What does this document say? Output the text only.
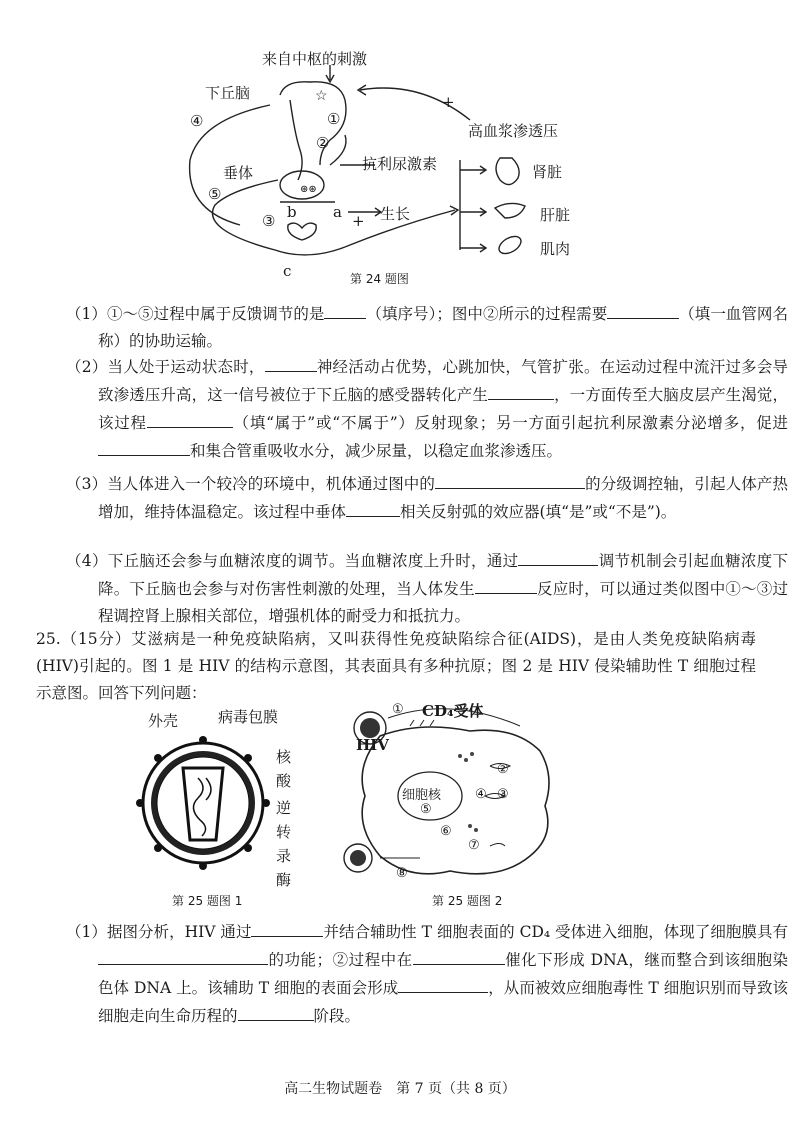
⊛⊛
☆
来自中枢的刺激
下丘脑
垂体
高血浆渗透压
抗利尿激素	肾脏
肝脏
肌肉
生长
①
②
③
④
⑤
a
b
c
+
+
第 24 题图
（1）①～⑤过程中属于反馈调节的是	（填序号）；图中②所示的过程需要	（填一血管网名称）的协助运输。
（2）当人处于运动状态时，	神经活动占优势，心跳加快，气管扩张。在运动过程中流汗过多会导致渗透压升高，这一信号被位于下丘脑的感受器转化产生	，一方面传至大脑皮层产生渴觉，该过程	（填“属于”或“不属于”）反射现象；另一方面引起抗利尿激素分泌增多，促进和集合管重吸收水分，减少尿量，以稳定血浆渗透压。
（3）当人体进入一个较冷的环境中，机体通过图中的	的分级调控轴，引起人体产热增加，维持体温稳定。该过程中垂体	相关反射弧的效应器(填“是”或“不是”)。
（4）下丘脑还会参与血糖浓度的调节。当血糖浓度上升时，通过	调节机制会引起血糖浓度下降。下丘脑也会参与对伤害性刺激的处理，当人体发生	反应时，可以通过类似图中①～③过程调控肾上腺相关部位，增强机体的耐受力和抵抗力。
25.（15分）艾滋病是一种免疫缺陷病，又叫获得性免疫缺陷综合征(AIDS)，是由人类免疫缺陷病毒(HIV)引起的。图 1 是 HIV 的结构示意图，其表面具有多种抗原；图 2 是 HIV 侵染辅助性 T 细胞过程示意图。回答下列问题：
外壳	病毒包膜
核
酸
逆
转
录
酶
第 25 题图 1
CD₄受体
HIV
细胞核
①
②
③
④
⑤
⑥
⑦
⑧
第 25 题图 2
（1）据图分析，HIV 通过	并结合辅助性 T 细胞表面的 CD₄ 受体进入细胞，体现了细胞膜具有的功能；②过程中在	催化下形成 DNA，继而整合到该细胞染色体 DNA 上。该辅助 T 细胞的表面会形成	，从而被效应细胞毒性 T 细胞识别而导致该细胞走向生命历程的	阶段。
高二生物试题卷　第 7 页（共 8 页）
